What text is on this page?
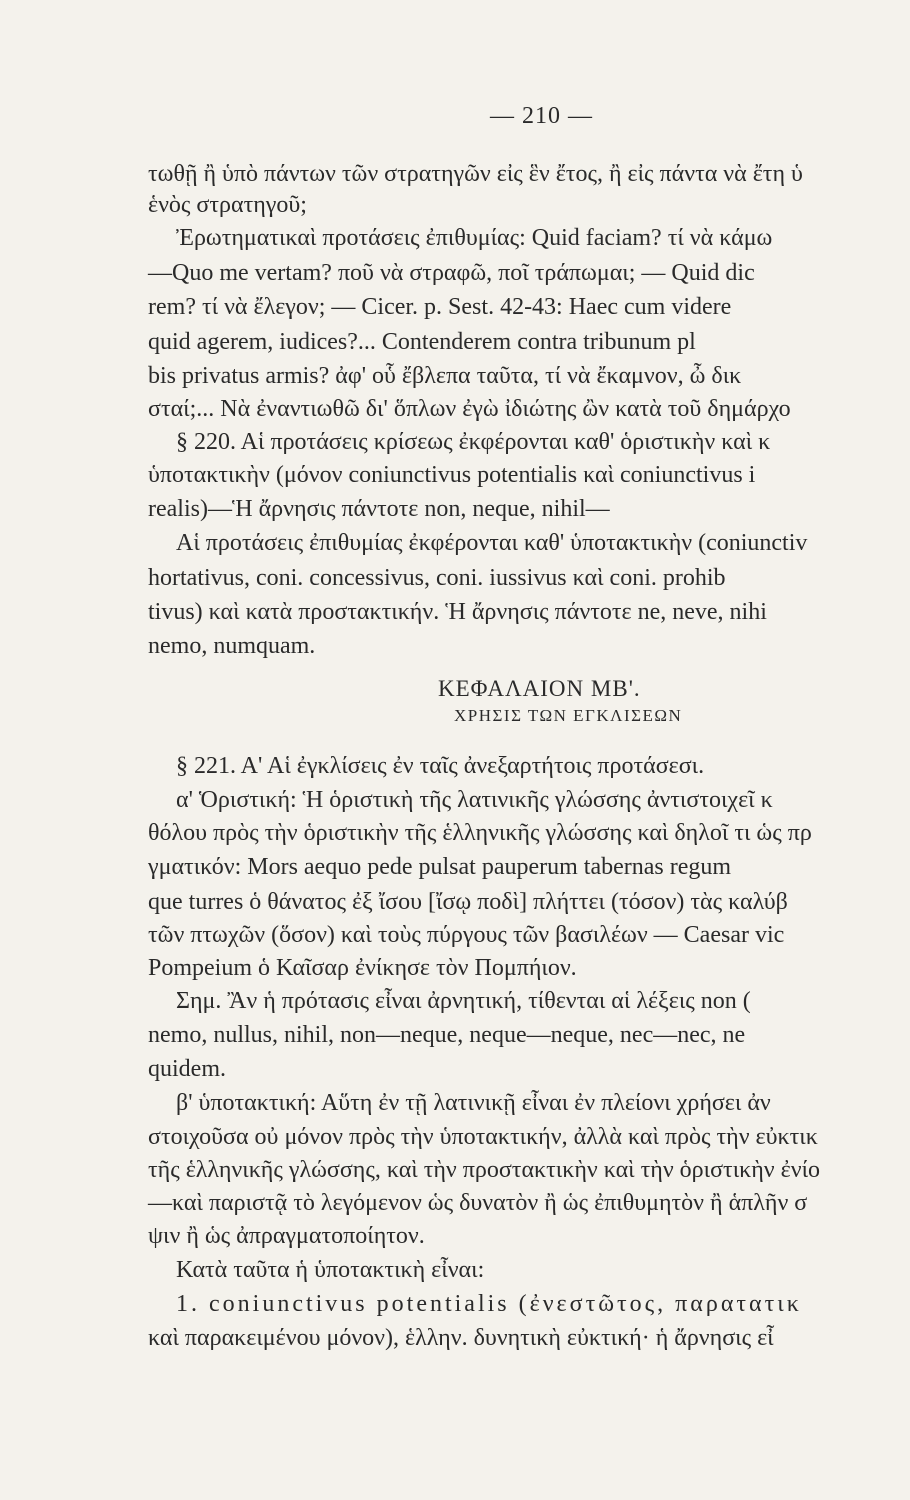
— 210 —
τωθῇ ἢ ὑπὸ πάντων τῶν στρατηγῶν εἰς ἓν ἔτος, ἢ εἰς πάντα νὰ ἔτη ὑ
ἑνὸς στρατηγοῦ;
Ἐρωτηματικαὶ προτάσεις ἐπιθυμίας: Quid faciam? τί νὰ κάμω
—Quo me vertam? ποῦ νὰ στραφῶ, ποῖ τράπωμαι; — Quid dic
rem? τί νὰ ἔλεγον; — Cicer. p. Sest. 42-43: Haec cum videre
quid agerem, iudices?... Contenderem contra tribunum pl
bis privatus armis? ἀφ' οὗ ἔβλεπα ταῦτα, τί νὰ ἔκαμνον, ὦ δικ
σταί;... Νὰ ἐναντιωθῶ δι' ὅπλων ἐγὼ ἰδιώτης ὢν κατὰ τοῦ δημάρχο
§ 220. Αἱ προτάσεις κρίσεως ἐκφέρονται καθ' ὁριστικὴν καὶ κ
ὑποτακτικὴν (μόνον coniunctivus potentialis καὶ coniunctivus i
realis)—Ἡ ἄρνησις πάντοτε non, neque, nihil—
Αἱ προτάσεις ἐπιθυμίας ἐκφέρονται καθ' ὑποτακτικὴν (coniunctiv
hortativus, coni. concessivus, coni. iussivus καὶ coni. prohib
tivus) καὶ κατὰ προστακτικήν. Ἡ ἄρνησις πάντοτε ne, neve, nihi
nemo, numquam.
ΚΕΦΑΛΑΙΟΝ ΜΒ'.
ΧΡΗΣΙΣ ΤΩΝ ΕΓΚΛΙΣΕΩΝ
§ 221. Α' Αἱ ἐγκλίσεις ἐν ταῖς ἀνεξαρτήτοις προτάσεσι.
α' Ὁριστική: Ἡ ὁριστικὴ τῆς λατινικῆς γλώσσης ἀντιστοιχεῖ κ
θόλου πρὸς τὴν ὁριστικὴν τῆς ἑλληνικῆς γλώσσης καὶ δηλοῖ τι ὡς πρ
γματικόν: Mors aequo pede pulsat pauperum tabernas regum
que turres ὁ θάνατος ἐξ ἴσου [ἴσῳ ποδὶ] πλήττει (τόσον) τὰς καλύβ
τῶν πτωχῶν (ὅσον) καὶ τοὺς πύργους τῶν βασιλέων — Caesar vic
Pompeium ὁ Καῖσαρ ἐνίκησε τὸν Πομπήιον.
Σημ. Ἂν ἡ πρότασις εἶναι ἀρνητική, τίθενται αἱ λέξεις non (
nemo, nullus, nihil, non—neque, neque—neque, nec—nec, ne
quidem.
β' ὑποτακτική: Αὕτη ἐν τῇ λατινικῇ εἶναι ἐν πλείονι χρήσει ἀν
στοιχοῦσα οὐ μόνον πρὸς τὴν ὑποτακτικήν, ἀλλὰ καὶ πρὸς τὴν εὐκτικ
τῆς ἑλληνικῆς γλώσσης, καὶ τὴν προστακτικὴν καὶ τὴν ὁριστικὴν ἐνίο
—καὶ παριστᾷ τὸ λεγόμενον ὡς δυνατὸν ἢ ὡς ἐπιθυμητὸν ἢ ἁπλῆν σ
ψιν ἢ ὡς ἀπραγματοποίητον.
Κατὰ ταῦτα ἡ ὑποτακτικὴ εἶναι:
1. coniunctivus potentialis (ἐνεστῶτος, παρατατικ
καὶ παρακειμένου μόνον), ἑλλην. δυνητικὴ εὐκτική· ἡ ἄρνησις εἶ
